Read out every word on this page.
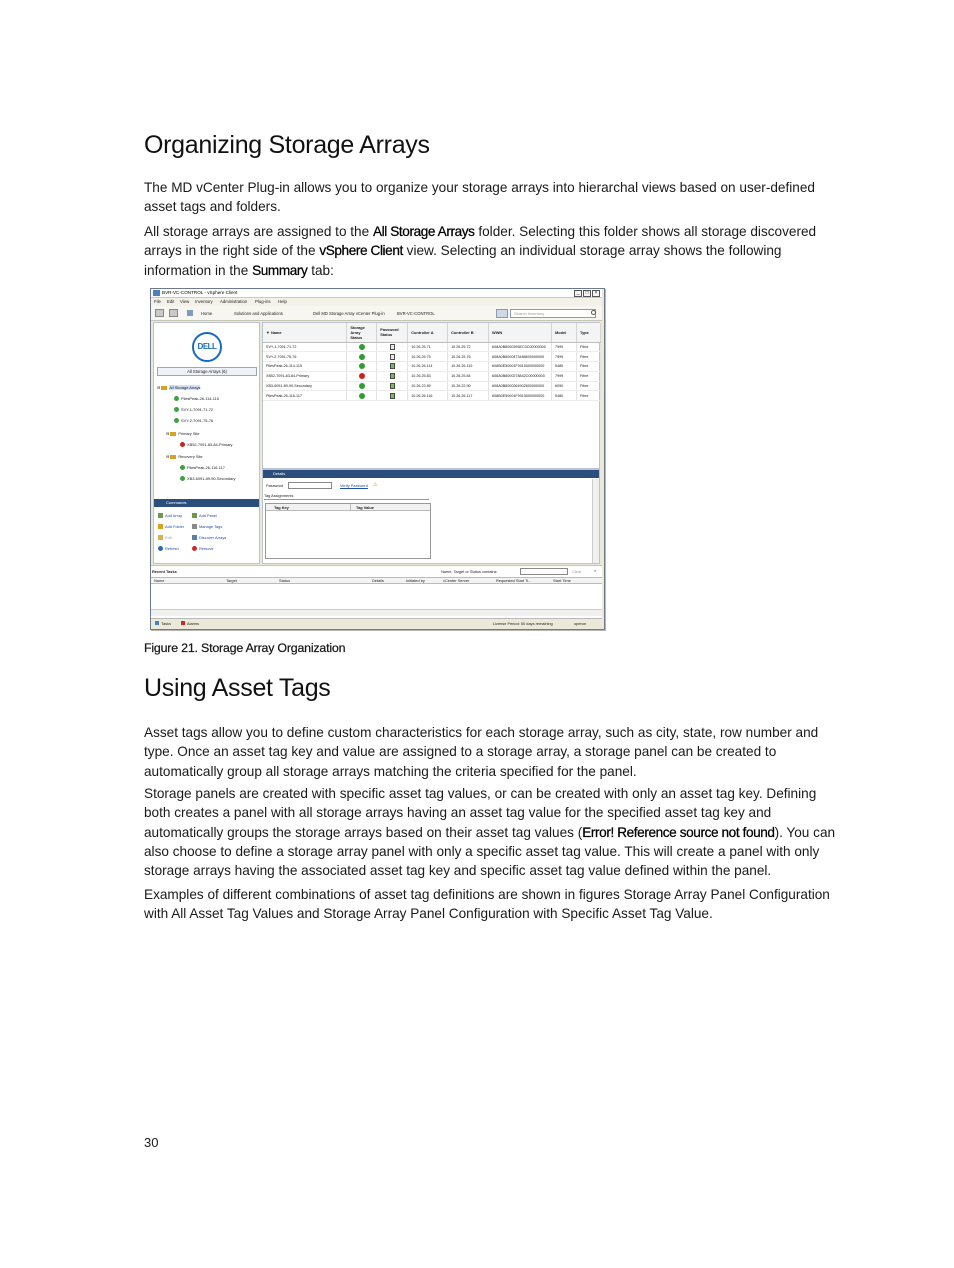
Organizing Storage Arrays

The MD vCenter Plug-in allows you to organize your storage arrays into hierarchal views based on user-defined asset tags and folders.

All storage arrays are assigned to the All Storage Arrays folder. Selecting this folder shows all storage discovered arrays in the right side of the vSphere Client view. Selecting an individual storage array shows the following information in the Summary tab:

BVR-VC-CONTROL - vSphere Client	_	□	×
File Edit View Inventory Administration Plug-ins Help
Home	Solutions and Applications	Dell MD Storage Array vCenter Plug-in	BVR-VC-CONTROL	Search Inventory
DELL
All Storage Arrays (6)
⊟ All Storage Arrays
PilesPeak-26-114-115
SVY-1-7091-71-72
SVY-2-7091-75-76
⊟ Primary Site
XB52-7091-83-84-Primary
⊟ Recovery Site
PilesPeak-26-116-117
XB3-6091-89-90-Secondary
Commands
Add Array	Add Panel
Add Folder	Manage Tags
Edit	Discover Arrays
Refresh	Remove
▼ Name	Storage Array Status	Password Status	Controller A	Controller B	WWN	Model	Type
SVY-1-7091-71-72			10.26.25.71	10.26.25.72	608A0B8000395EC3C00000000	7999	Fibre
SVY-2-7091-75-76			10.26.25.75	10.26.25.76	608A0B8000473488600000000	7999	Fibre
PilesPeak-26-114-115			10.26.26.114	10.26.26.115	608B0E50001F9010000000000	5480	Fibre
XB52-7091-83-84-Primary			10.26.25.83	10.26.25.84	608A0B8000278842C00000000	7999	Fibre
XB3-6091-89-90-Secondary			10.26.22.89	10.26.22.90	608A0B8000264902800000000	6090	Fibre
PilesPeak-26-116-117			10.26.26.116	10.26.26.117	608B0E50001F9015000000000	5480	Fibre
Details
Password	Verify Password ⚠
Tag Assignments
Tag Key	Tag Value
Recent Tasks	Name, Target or Status contains:	Clear	×
Name	Target	Status	Details	Initiated by	vCenter Server	Requested Start Ti...	Start Time
Tasks	Alarms	License Period: 50 days remaining	operon
Figure 21. Storage Array Organization
Using Asset Tags

Asset tags allow you to define custom characteristics for each storage array, such as city, state, row number and type. Once an asset tag key and value are assigned to a storage array, a storage panel can be created to automatically group all storage arrays matching the criteria specified for the panel.

Storage panels are created with specific asset tag values, or can be created with only an asset tag key. Defining both creates a panel with all storage arrays having an asset tag value for the specified asset tag key and automatically groups the storage arrays based on their asset tag values (Error! Reference source not found). You can also choose to define a storage array panel with only a specific asset tag value. This will create a panel with only storage arrays having the associated asset tag key and specific asset tag value defined within the panel.

Examples of different combinations of asset tag definitions are shown in figures Storage Array Panel Configuration with All Asset Tag Values and Storage Array Panel Configuration with Specific Asset Tag Value.

30
